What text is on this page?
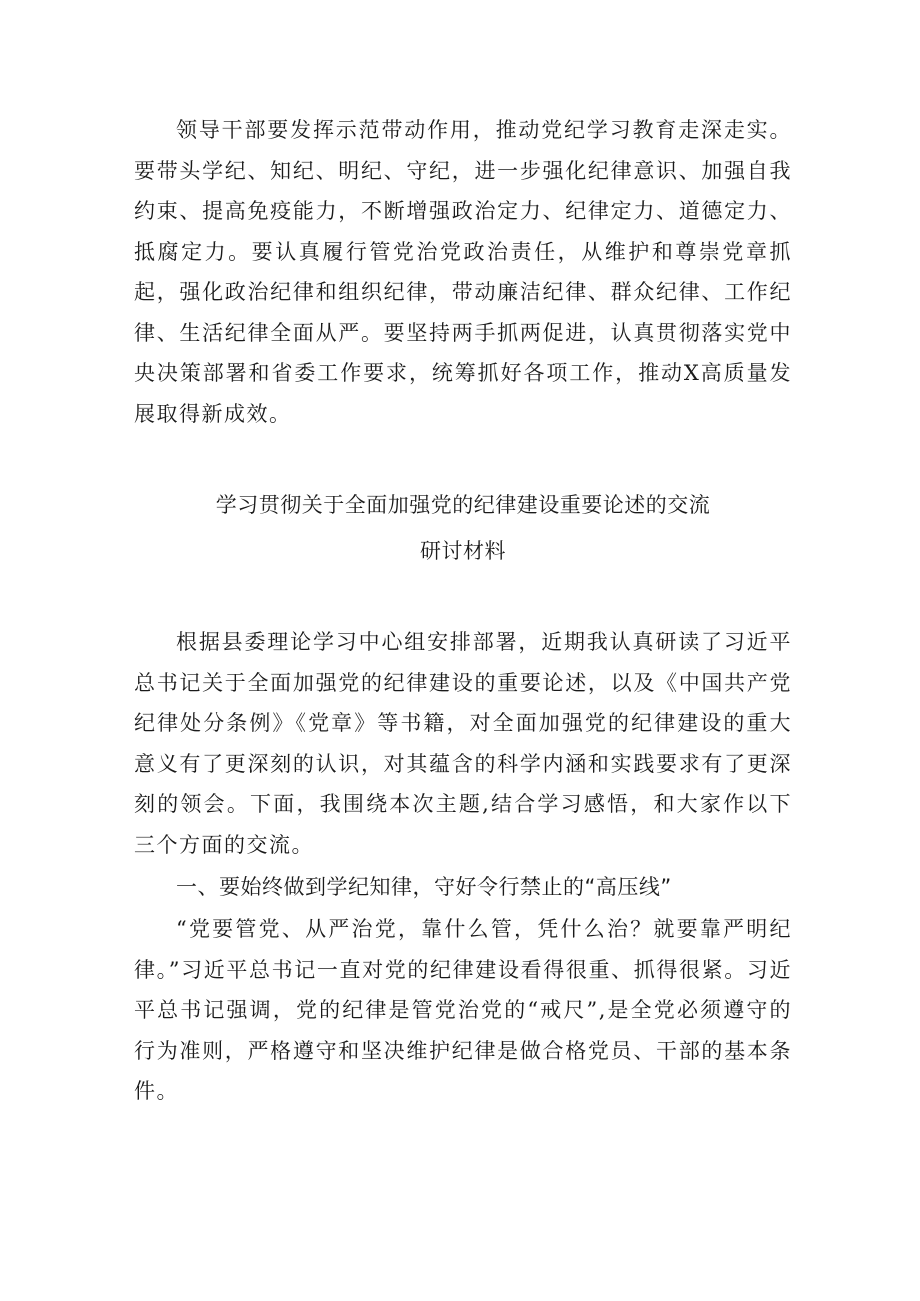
领导干部要发挥示范带动作用，推动党纪学习教育走深走实。要带头学纪、知纪、明纪、守纪，进一步强化纪律意识、加强自我约束、提高免疫能力，不断增强政治定力、纪律定力、道德定力、抵腐定力。要认真履行管党治党政治责任，从维护和尊崇党章抓起，强化政治纪律和组织纪律，带动廉洁纪律、群众纪律、工作纪律、生活纪律全面从严。要坚持两手抓两促进，认真贯彻落实党中央决策部署和省委工作要求，统筹抓好各项工作，推动X高质量发展取得新成效。

学习贯彻关于全面加强党的纪律建设重要论述的交流
研讨材料

根据县委理论学习中心组安排部署，近期我认真研读了习近平总书记关于全面加强党的纪律建设的重要论述，以及《中国共产党纪律处分条例》《党章》等书籍，对全面加强党的纪律建设的重大意义有了更深刻的认识，对其蕴含的科学内涵和实践要求有了更深刻的领会。下面，我围绕本次主题,结合学习感悟，和大家作以下三个方面的交流。

一、要始终做到学纪知律，守好令行禁止的“高压线”

“党要管党、从严治党，靠什么管，凭什么治？就要靠严明纪律。”习近平总书记一直对党的纪律建设看得很重、抓得很紧。习近平总书记强调，党的纪律是管党治党的“戒尺”,是全党必须遵守的行为准则，严格遵守和坚决维护纪律是做合格党员、干部的基本条件。
